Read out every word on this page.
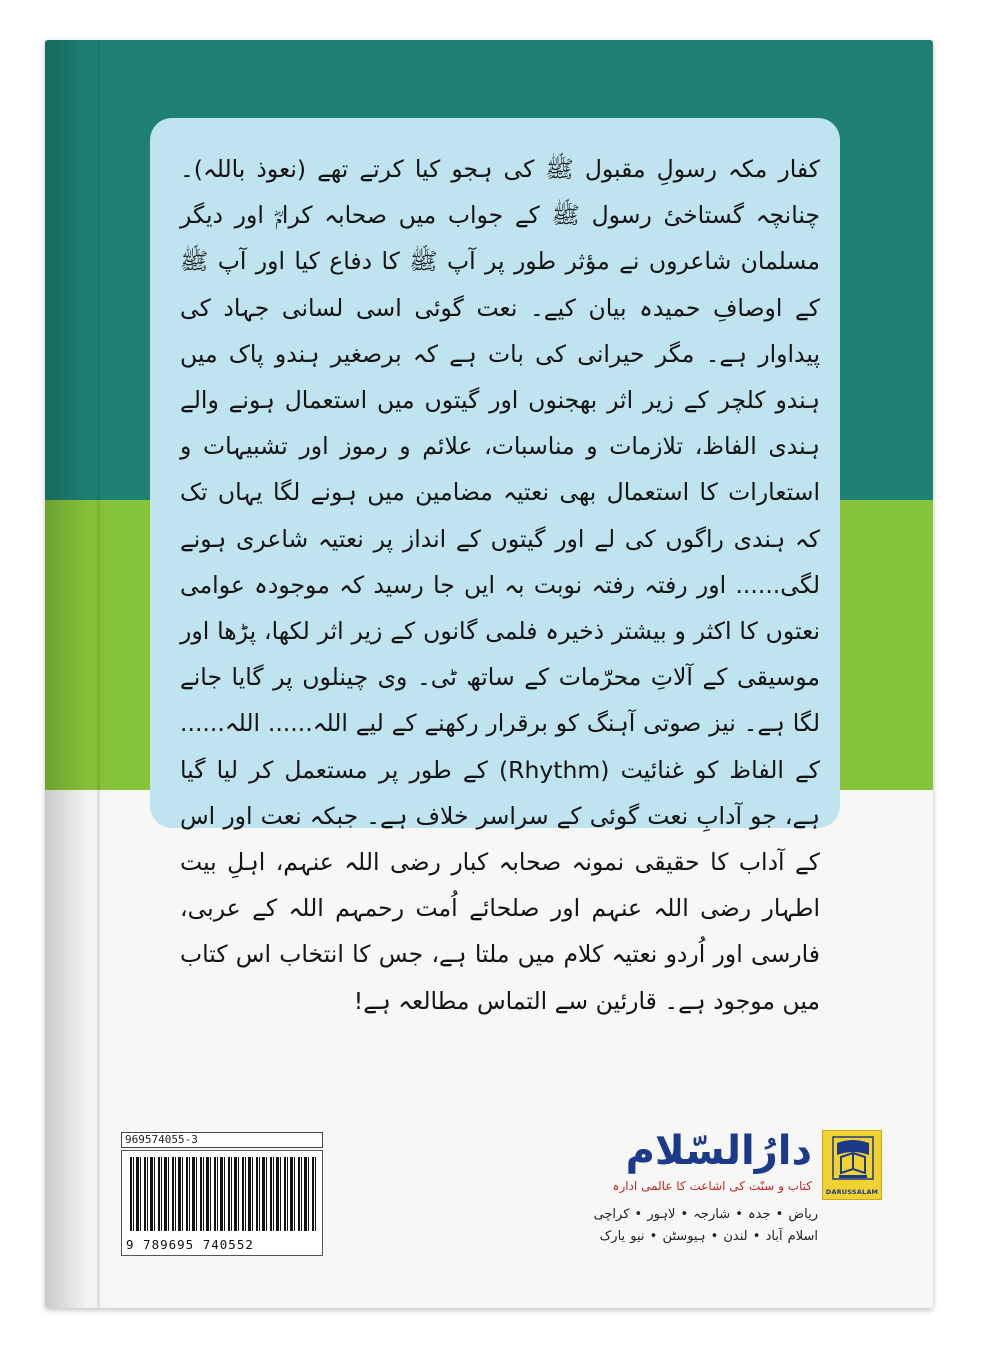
کفار مکہ رسولِ مقبول ﷺ کی ہجو کیا کرتے تھے (نعوذ باللہ)۔ چنانچہ گستاخیٔ رسول ﷺ کے جواب میں صحابہ کرامؓ اور دیگر مسلمان شاعروں نے مؤثر طور پر آپ ﷺ کا دفاع کیا اور آپ ﷺ کے اوصافِ حمیدہ بیان کیے۔ نعت گوئی اسی لسانی جہاد کی پیداوار ہے۔ مگر حیرانی کی بات ہے کہ برصغیر ہندو پاک میں ہندو کلچر کے زیر اثر بھجنوں اور گیتوں میں استعمال ہونے والے ہندی الفاظ، تلازمات و مناسبات، علائم و رموز اور تشبیہات و استعارات کا استعمال بھی نعتیہ مضامین میں ہونے لگا یہاں تک کہ ہندی راگوں کی لے اور گیتوں کے انداز پر نعتیہ شاعری ہونے لگی...... اور رفتہ رفتہ نوبت بہ ایں جا رسید کہ موجودہ عوامی نعتوں کا اکثر و بیشتر ذخیرہ فلمی گانوں کے زیر اثر لکھا، پڑھا اور موسیقی کے آلاتِ محرّمات کے ساتھ ٹی۔ وی چینلوں پر گایا جانے لگا ہے۔ نیز صوتی آہنگ کو برقرار رکھنے کے لیے اللہ...... اللہ...... کے الفاظ کو غنائیت (Rhythm) کے طور پر مستعمل کر لیا گیا ہے، جو آدابِ نعت گوئی کے سراسر خلاف ہے۔ جبکہ نعت اور اس کے آداب کا حقیقی نمونہ صحابہ کبار رضی اللہ عنہم، اہلِ بیت اطہار رضی اللہ عنہم اور صلحائے اُمت رحمہم اللہ کے عربی، فارسی اور اُردو نعتیہ کلام میں ملتا ہے، جس کا انتخاب اس کتاب میں موجود ہے۔ قارئین سے التماس مطالعہ ہے!

969574055-3
9 789695 740552
DARUSSALAM
دارُالسّلام
کتاب و سنّت کی اشاعت کا عالمی ادارہ
ریاض • جدہ • شارجہ • لاہور • کراچی
اسلام آباد • لندن • ہیوسٹن • نیو یارک
